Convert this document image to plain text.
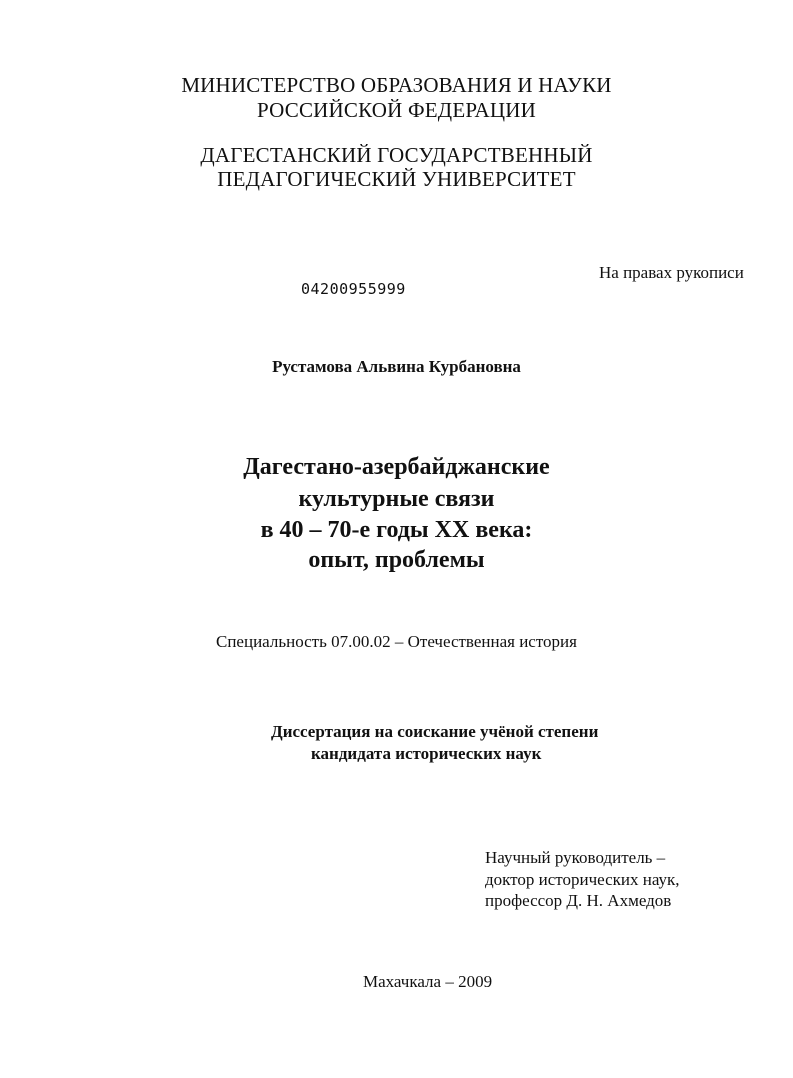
МИНИСТЕРСТВО ОБРАЗОВАНИЯ И НАУКИ
РОССИЙСКОЙ ФЕДЕРАЦИИ
ДАГЕСТАНСКИЙ ГОСУДАРСТВЕННЫЙ
ПЕДАГОГИЧЕСКИЙ УНИВЕРСИТЕТ
На правах рукописи
04200955999
Рустамова Альвина Курбановна
Дагестано-азербайджанские
культурные связи
в 40 – 70-е годы XX века:
опыт, проблемы
Специальность 07.00.02 – Отечественная история
Диссертация на соискание учёной степени
кандидата исторических наук
Научный руководитель –
доктор исторических наук,
профессор Д. Н. Ахмедов
Махачкала – 2009
